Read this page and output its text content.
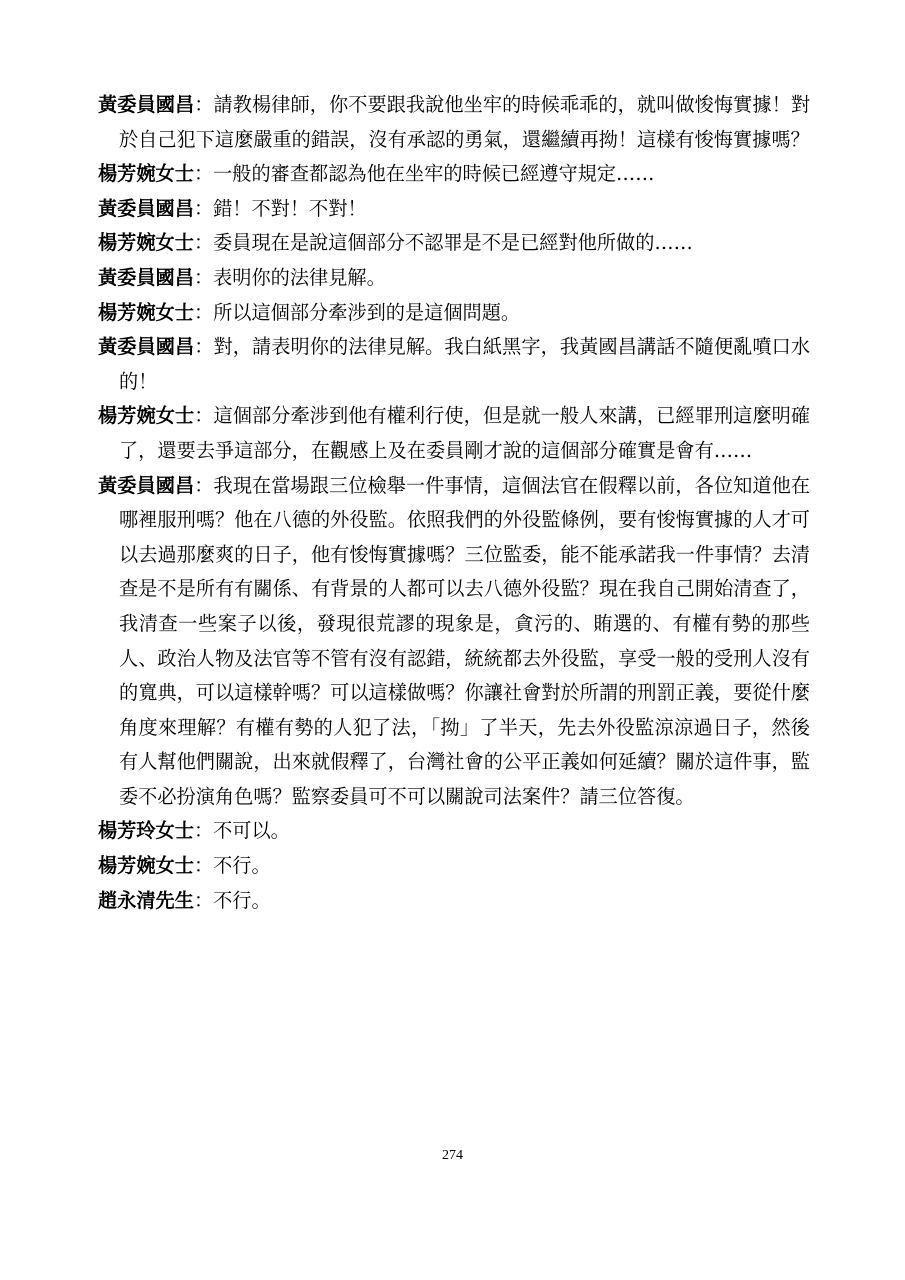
黃委員國昌：請教楊律師，你不要跟我說他坐牢的時候乖乖的，就叫做悛悔實據！對於自己犯下這麼嚴重的錯誤，沒有承認的勇氣，還繼續再拗！這樣有悛悔實據嗎？

楊芳婉女士：一般的審查都認為他在坐牢的時候已經遵守規定……

黃委員國昌：錯！不對！不對！

楊芳婉女士：委員現在是說這個部分不認罪是不是已經對他所做的……

黃委員國昌：表明你的法律見解。

楊芳婉女士：所以這個部分牽涉到的是這個問題。

黃委員國昌：對，請表明你的法律見解。我白紙黑字，我黃國昌講話不隨便亂噴口水的！

楊芳婉女士：這個部分牽涉到他有權利行使，但是就一般人來講，已經罪刑這麼明確了，還要去爭這部分，在觀感上及在委員剛才說的這個部分確實是會有……

黃委員國昌：我現在當場跟三位檢舉一件事情，這個法官在假釋以前，各位知道他在哪裡服刑嗎？他在八德的外役監。依照我們的外役監條例，要有悛悔實據的人才可以去過那麼爽的日子，他有悛悔實據嗎？三位監委，能不能承諾我一件事情？去清查是不是所有有關係、有背景的人都可以去八德外役監？現在我自己開始清查了，我清查一些案子以後，發現很荒謬的現象是，貪污的、賄選的、有權有勢的那些人、政治人物及法官等不管有沒有認錯，統統都去外役監，享受一般的受刑人沒有的寬典，可以這樣幹嗎？可以這樣做嗎？你讓社會對於所謂的刑罰正義，要從什麼角度來理解？有權有勢的人犯了法，「拗」了半天，先去外役監涼涼過日子，然後有人幫他們關說，出來就假釋了，台灣社會的公平正義如何延續？關於這件事，監委不必扮演角色嗎？監察委員可不可以關說司法案件？請三位答復。

楊芳玲女士：不可以。

楊芳婉女士：不行。

趙永清先生：不行。

274
